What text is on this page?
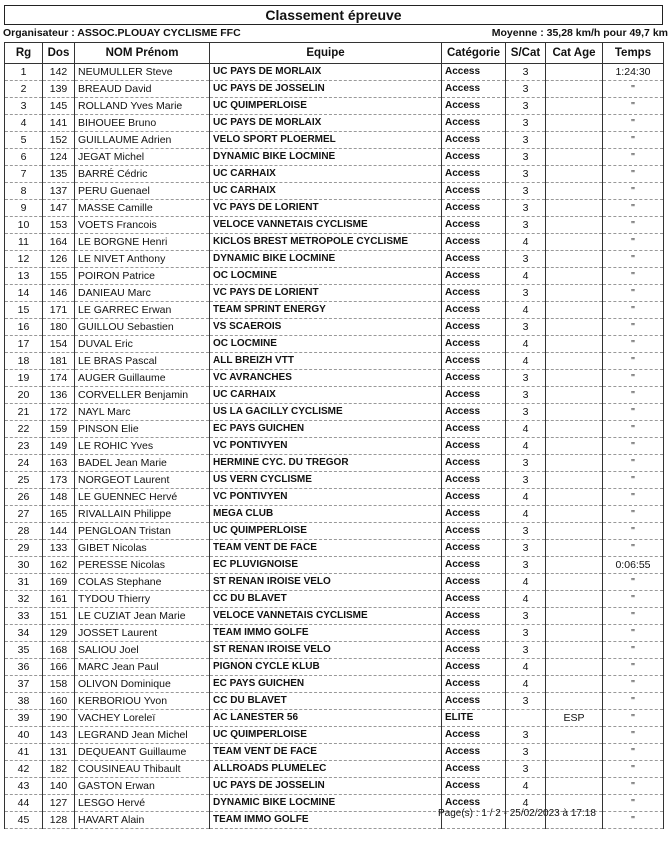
Classement épreuve
Organisateur : ASSOC.PLOUAY CYCLISME FFC	Moyenne : 35,28 km/h pour 49,7 km
Rg	Dos	NOM Prénom	Equipe	Catégorie	S/Cat	Cat Age	Temps
1	142	NEUMULLER Steve	UC PAYS DE MORLAIX	Access	3		1:24:30
2	139	BREAUD David	UC PAYS DE JOSSELIN	Access	3		"
3	145	ROLLAND Yves Marie	UC QUIMPERLOISE	Access	3		"
4	141	BIHOUEE Bruno	UC PAYS DE MORLAIX	Access	3		"
5	152	GUILLAUME Adrien	VELO SPORT PLOERMEL	Access	3		"
6	124	JEGAT Michel	DYNAMIC BIKE LOCMINE	Access	3		"
7	135	BARRÉ Cédric	UC CARHAIX	Access	3		"
8	137	PERU Guenael	UC CARHAIX	Access	3		"
9	147	MASSE Camille	VC PAYS DE LORIENT	Access	3		"
10	153	VOETS Francois	VELOCE VANNETAIS CYCLISME	Access	3		"
11	164	LE BORGNE Henri	KICLOS BREST METROPOLE CYCLISME	Access	4		"
12	126	LE NIVET Anthony	DYNAMIC BIKE LOCMINE	Access	3		"
13	155	POIRON Patrice	OC LOCMINE	Access	4		"
14	146	DANIEAU Marc	VC PAYS DE LORIENT	Access	3		"
15	171	LE GARREC Erwan	TEAM SPRINT ENERGY	Access	4		"
16	180	GUILLOU Sebastien	VS SCAEROIS	Access	3		"
17	154	DUVAL Eric	OC LOCMINE	Access	4		"
18	181	LE BRAS Pascal	ALL BREIZH VTT	Access	4		"
19	174	AUGER Guillaume	VC AVRANCHES	Access	3		"
20	136	CORVELLER Benjamin	UC CARHAIX	Access	3		"
21	172	NAYL Marc	US LA GACILLY CYCLISME	Access	3		"
22	159	PINSON Elie	EC PAYS GUICHEN	Access	4		"
23	149	LE ROHIC Yves	VC PONTIVYEN	Access	4		"
24	163	BADEL Jean Marie	HERMINE CYC. DU TREGOR	Access	3		"
25	173	NORGEOT Laurent	US VERN CYCLISME	Access	3		"
26	148	LE GUENNEC Hervé	VC PONTIVYEN	Access	4		"
27	165	RIVALLAIN Philippe	MEGA CLUB	Access	4		"
28	144	PENGLOAN Tristan	UC QUIMPERLOISE	Access	3		"
29	133	GIBET Nicolas	TEAM VENT DE FACE	Access	3		"
30	162	PERESSE Nicolas	EC PLUVIGNOISE	Access	3		0:06:55
31	169	COLAS Stephane	ST RENAN IROISE VELO	Access	4		"
32	161	TYDOU Thierry	CC DU BLAVET	Access	4		"
33	151	LE CUZIAT Jean Marie	VELOCE VANNETAIS CYCLISME	Access	3		"
34	129	JOSSET Laurent	TEAM IMMO GOLFE	Access	3		"
35	168	SALIOU Joel	ST RENAN IROISE VELO	Access	3		"
36	166	MARC Jean Paul	PIGNON CYCLE KLUB	Access	4		"
37	158	OLIVON Dominique	EC PAYS GUICHEN	Access	4		"
38	160	KERBORIOU Yvon	CC DU BLAVET	Access	3		"
39	190	VACHEY Loreleï	AC LANESTER 56	ELITE		ESP	"
40	143	LEGRAND Jean Michel	UC QUIMPERLOISE	Access	3		"
41	131	DEQUEANT Guillaume	TEAM VENT DE FACE	Access	3		"
42	182	COUSINEAU Thibault	ALLROADS PLUMELEC	Access	3		"
43	140	GASTON Erwan	UC PAYS DE JOSSELIN	Access	4		"
44	127	LESGO Hervé	DYNAMIC BIKE LOCMINE	Access	4		"
45	128	HAVART Alain	TEAM IMMO GOLFE				"
Page(s) : 1 / 2 - 25/02/2023 à 17:18
